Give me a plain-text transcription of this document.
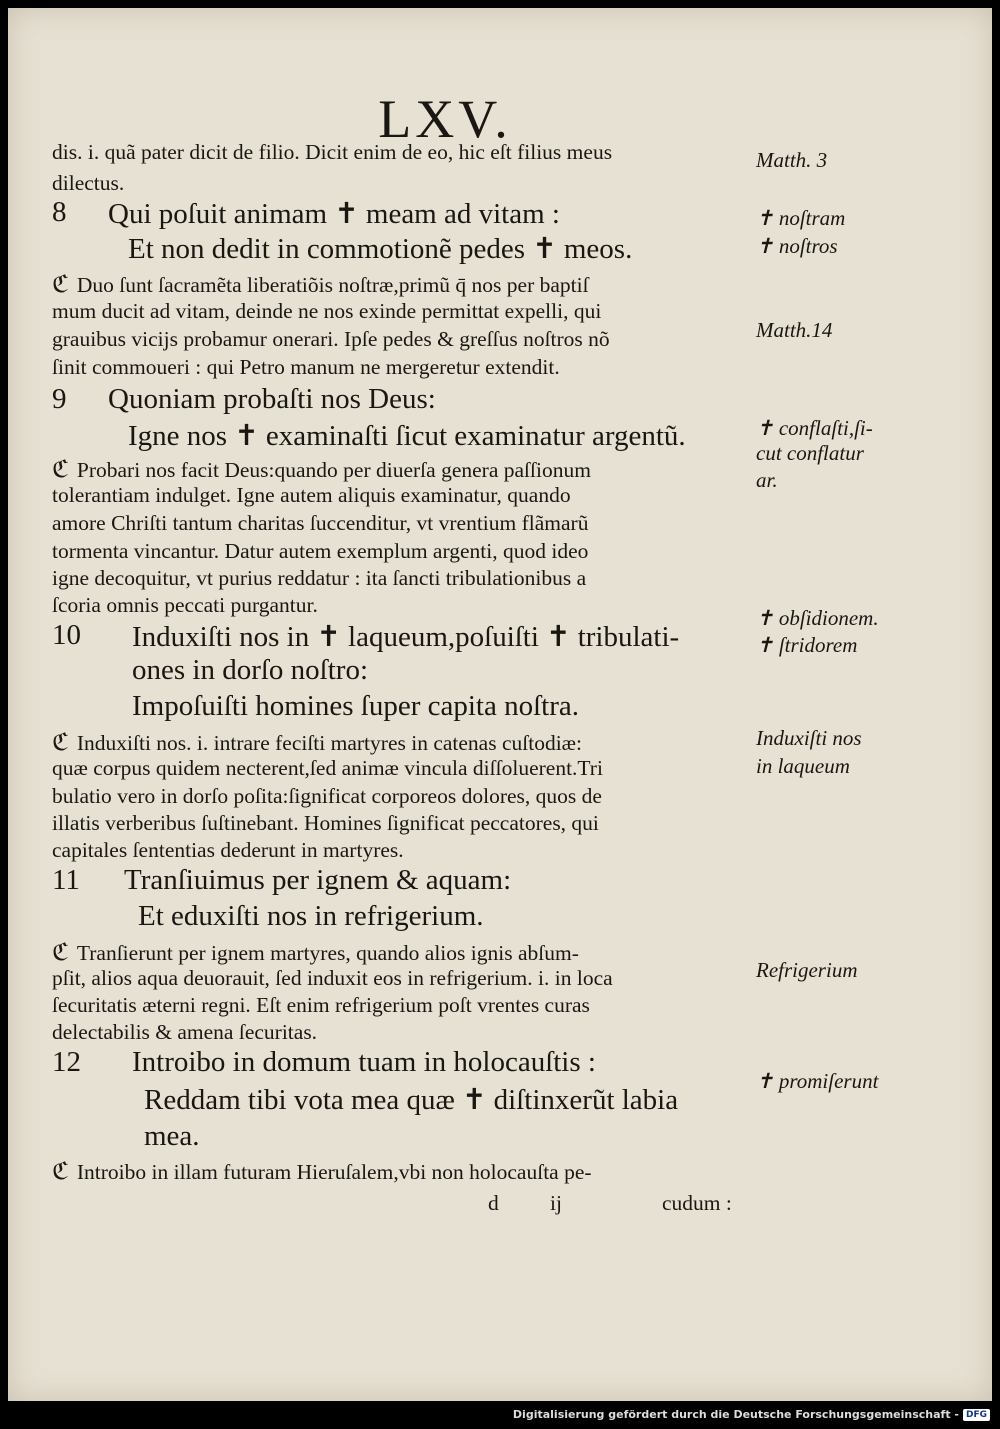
LXV.
dis. i. quã pater dicit de filio. Dicit enim de eo, hic eſt filius meus
dilectus.
8 Qui poſuit animam ✝ meam ad vitam :
Et non dedit in commotionẽ pedes ✝ meos.
ℭ Duo ſunt ſacramẽta liberatiõis noſtræ,primũ q̄ nos per baptiſ
mum ducit ad vitam, deinde ne nos exinde permittat expelli, qui
grauibus vicijs probamur onerari. Ipſe pedes & greſſus noſtros nõ
ſinit commoueri : qui Petro manum ne mergeretur extendit.
9 Quoniam probaſti nos Deus:
Igne nos ✝ examinaſti ſicut examinatur argentũ.
ℭ Probari nos facit Deus:quando per diuerſa genera paſſionum
tolerantiam indulget. Igne autem aliquis examinatur, quando
amore Chriſti tantum charitas ſuccenditur, vt vrentium flãmarũ
tormenta vincantur. Datur autem exemplum argenti, quod ideo
igne decoquitur, vt purius reddatur : ita ſancti tribulationibus a
ſcoria omnis peccati purgantur.
10 Induxiſti nos in ✝ laqueum,poſuiſti ✝ tribulati-
ones in dorſo noſtro:
Impoſuiſti homines ſuper capita noſtra.
ℭ Induxiſti nos. i. intrare feciſti martyres in catenas cuſtodiæ:
quæ corpus quidem necterent,ſed animæ vincula diſſoluerent.Tri
bulatio vero in dorſo poſita:ſignificat corporeos dolores, quos de
illatis verberibus ſuſtinebant. Homines ſignificat peccatores, qui
capitales ſententias dederunt in martyres.
11 Tranſiuimus per ignem & aquam:
Et eduxiſti nos in refrigerium.
ℭ Tranſierunt per ignem martyres, quando alios ignis abſum-
pſit, alios aqua deuorauit, ſed induxit eos in refrigerium. i. in loca
ſecuritatis æterni regni. Eſt enim refrigerium poſt vrentes curas
delectabilis & amena ſecuritas.
12 Introibo in domum tuam in holocauſtis :
Reddam tibi vota mea quæ ✝ diſtinxerũt labia
mea.
ℭ Introibo in illam futuram Hieruſalem,vbi non holocauſta pe-
Matth. 3
✝ noſtram
✝ noſtros
Matth.14
✝ conflaſti,ſi-
cut conflatur
ar.
✝ obſidionem.
✝ ſtridorem
Induxiſti nos
in laqueum
Refrigerium
✝ promiſerunt
d ij	cudum :
Digitalisierung gefördert durch die Deutsche Forschungsgemeinschaft - DFG
